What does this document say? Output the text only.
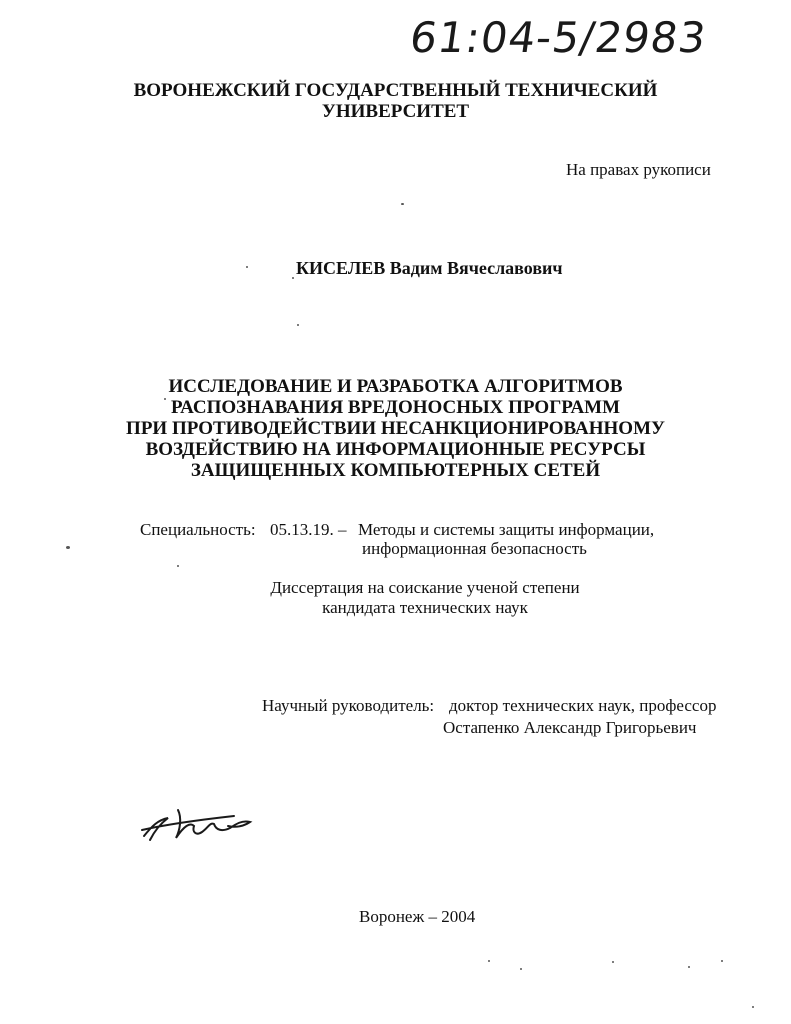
61:04-5/2983
ВОРОНЕЖСКИЙ ГОСУДАРСТВЕННЫЙ ТЕХНИЧЕСКИЙ
УНИВЕРСИТЕТ
На правах рукописи
КИСЕЛЕВ Вадим Вячеславович
ИССЛЕДОВАНИЕ И РАЗРАБОТКА АЛГОРИТМОВ
РАСПОЗНАВАНИЯ ВРЕДОНОСНЫХ ПРОГРАММ
ПРИ ПРОТИВОДЕЙСТВИИ НЕСАНКЦИОНИРОВАННОМУ
ВОЗДЕЙСТВИЮ НА ИНФОРМАЦИОННЫЕ РЕСУРСЫ
ЗАЩИЩЕННЫХ КОМПЬЮТЕРНЫХ СЕТЕЙ
Специальность: 05.13.19. – Методы и системы защиты информации,
информационная безопасность
Диссертация на соискание ученой степени
кандидата технических наук
Научный руководитель: доктор технических наук, профессор
Остапенко Александр Григорьевич
Воронеж – 2004
